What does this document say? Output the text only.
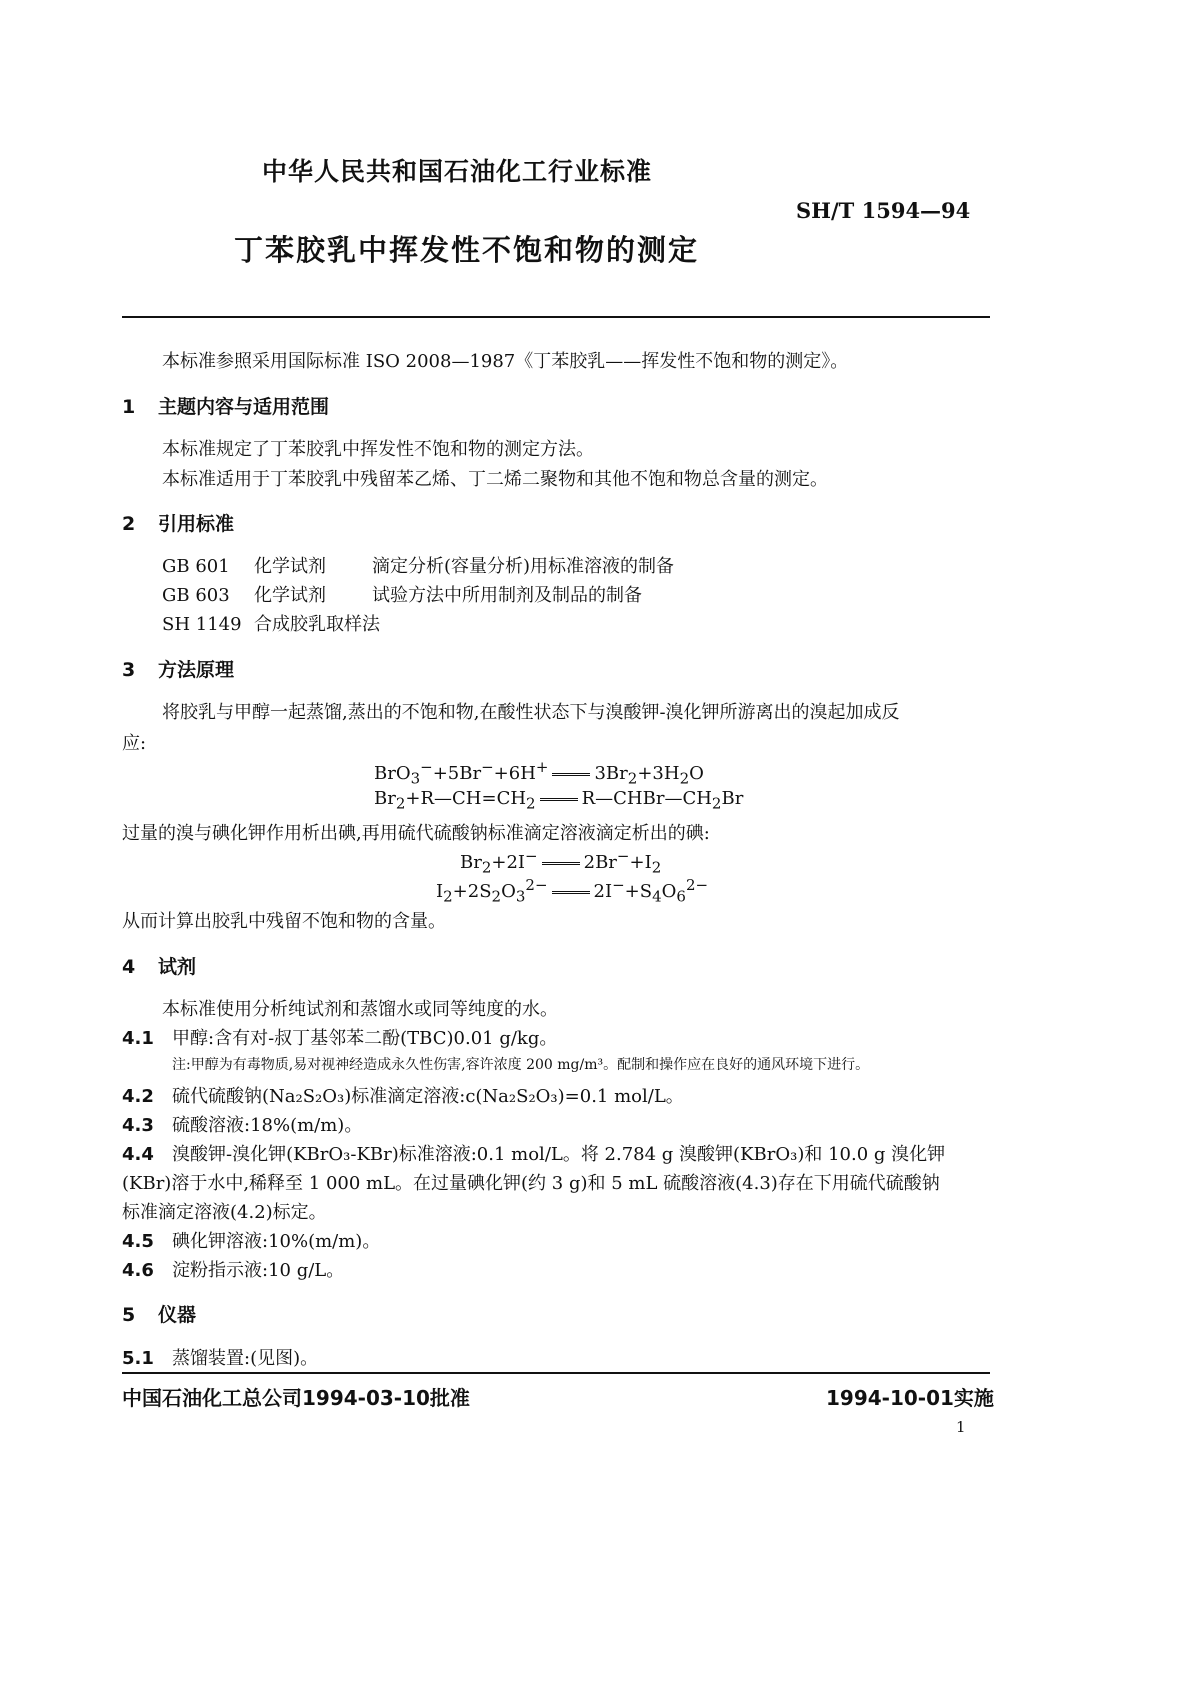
中华人民共和国石油化工行业标准
SH/T 1594—94
丁苯胶乳中挥发性不饱和物的测定
本标准参照采用国际标准 ISO 2008—1987《丁苯胶乳——挥发性不饱和物的测定》。
1 主题内容与适用范围
本标准规定了丁苯胶乳中挥发性不饱和物的测定方法。
本标准适用于丁苯胶乳中残留苯乙烯、丁二烯二聚物和其他不饱和物总含量的测定。
2 引用标准
GB 601 化学试剂	滴定分析(容量分析)用标准溶液的制备
GB 603 化学试剂	试验方法中所用制剂及制品的制备
SH 1149 合成胶乳取样法
3 方法原理
将胶乳与甲醇一起蒸馏,蒸出的不饱和物,在酸性状态下与溴酸钾-溴化钾所游离出的溴起加成反
应:
BrO$_3$−+5Br−+6H+	$3Br_2+3H_2O$
$Br_2+R—CH=CH_2$	$R—CHBr—CH_2Br$
过量的溴与碘化钾作用析出碘,再用硫代硫酸钠标准滴定溶液滴定析出的碘:
$Br_2+2I^-$	$2Br^-+I_2$
$I_2+2S_2O_3^{2-}$	$2I^-+S_4O_6^{2-}$
从而计算出胶乳中残留不饱和物的含量。
4 试剂
本标准使用分析纯试剂和蒸馏水或同等纯度的水。
4.1 甲醇:含有对-叔丁基邻苯二酚(TBC)0.01 g/kg。
注:甲醇为有毒物质,易对视神经造成永久性伤害,容许浓度 200 mg/m³。配制和操作应在良好的通风环境下进行。
4.2 硫代硫酸钠(Na₂S₂O₃)标准滴定溶液:c(Na₂S₂O₃)=0.1 mol/L。
4.3 硫酸溶液:18%(m/m)。
4.4 溴酸钾-溴化钾(KBrO₃-KBr)标准溶液:0.1 mol/L。将 2.784 g 溴酸钾(KBrO₃)和 10.0 g 溴化钾
(KBr)溶于水中,稀释至 1 000 mL。在过量碘化钾(约 3 g)和 5 mL 硫酸溶液(4.3)存在下用硫代硫酸钠
标准滴定溶液(4.2)标定。
4.5 碘化钾溶液:10%(m/m)。
4.6 淀粉指示液:10 g/L。
5 仪器
5.1 蒸馏装置:(见图)。
中国石油化工总公司1994-03-10批准	1994-10-01实施
1
